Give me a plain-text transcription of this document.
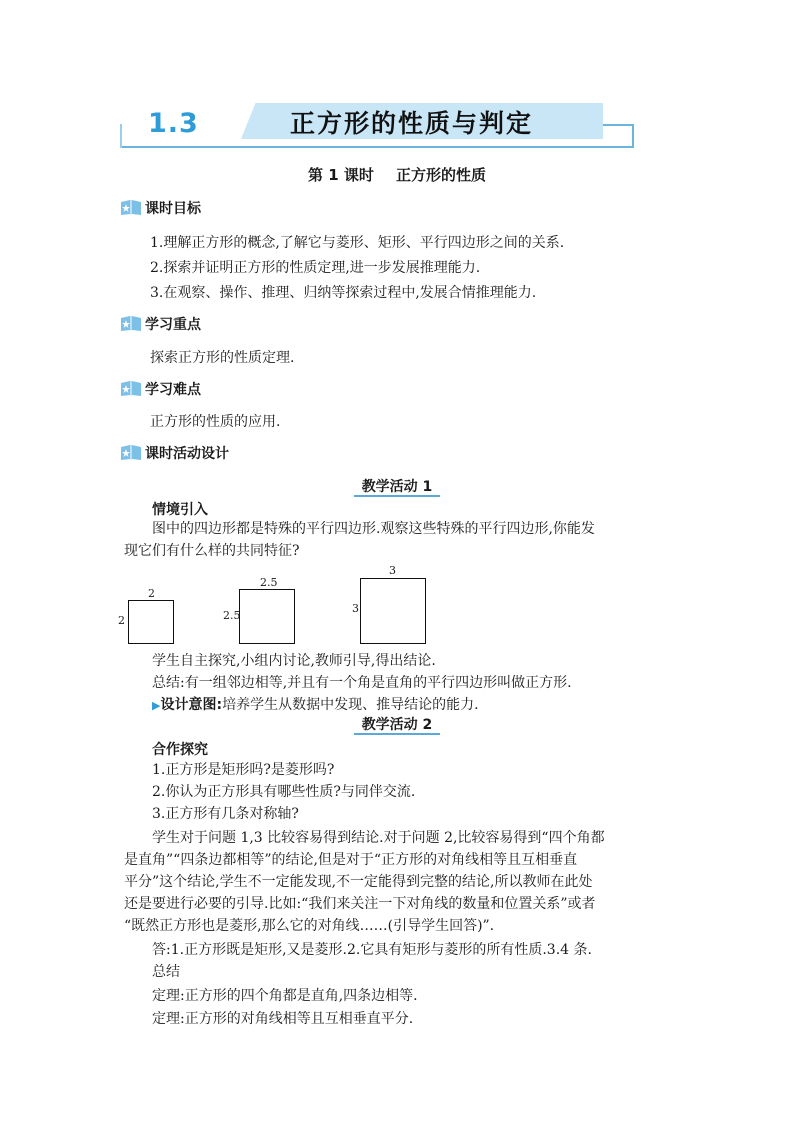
1.3	正方形的性质与判定
第 1 课时 正方形的性质
课时目标
1.理解正方形的概念,了解它与菱形、矩形、平行四边形之间的关系.
2.探索并证明正方形的性质定理,进一步发展推理能力.
3.在观察、操作、推理、归纳等探索过程中,发展合情推理能力.
学习重点
探索正方形的性质定理.
学习难点
正方形的性质的应用.
课时活动设计
教学活动 1
情境引入
图中的四边形都是特殊的平行四边形.观察这些特殊的平行四边形,你能发
现它们有什么样的共同特征?
2
2
2.5
2.5
3
3
学生自主探究,小组内讨论,教师引导,得出结论.
总结:有一组邻边相等,并且有一个角是直角的平行四边形叫做正方形.
▶设计意图:培养学生从数据中发现、推导结论的能力.
教学活动 2
合作探究
1.正方形是矩形吗?是菱形吗?
2.你认为正方形具有哪些性质?与同伴交流.
3.正方形有几条对称轴?
学生对于问题 1,3 比较容易得到结论.对于问题 2,比较容易得到“四个角都
是直角”“四条边都相等”的结论,但是对于“正方形的对角线相等且互相垂直
平分”这个结论,学生不一定能发现,不一定能得到完整的结论,所以教师在此处
还是要进行必要的引导.比如:“我们来关注一下对角线的数量和位置关系”或者
“既然正方形也是菱形,那么它的对角线……(引导学生回答)”.
答:1.正方形既是矩形,又是菱形.2.它具有矩形与菱形的所有性质.3.4 条.
总结
定理:正方形的四个角都是直角,四条边相等.
定理:正方形的对角线相等且互相垂直平分.
